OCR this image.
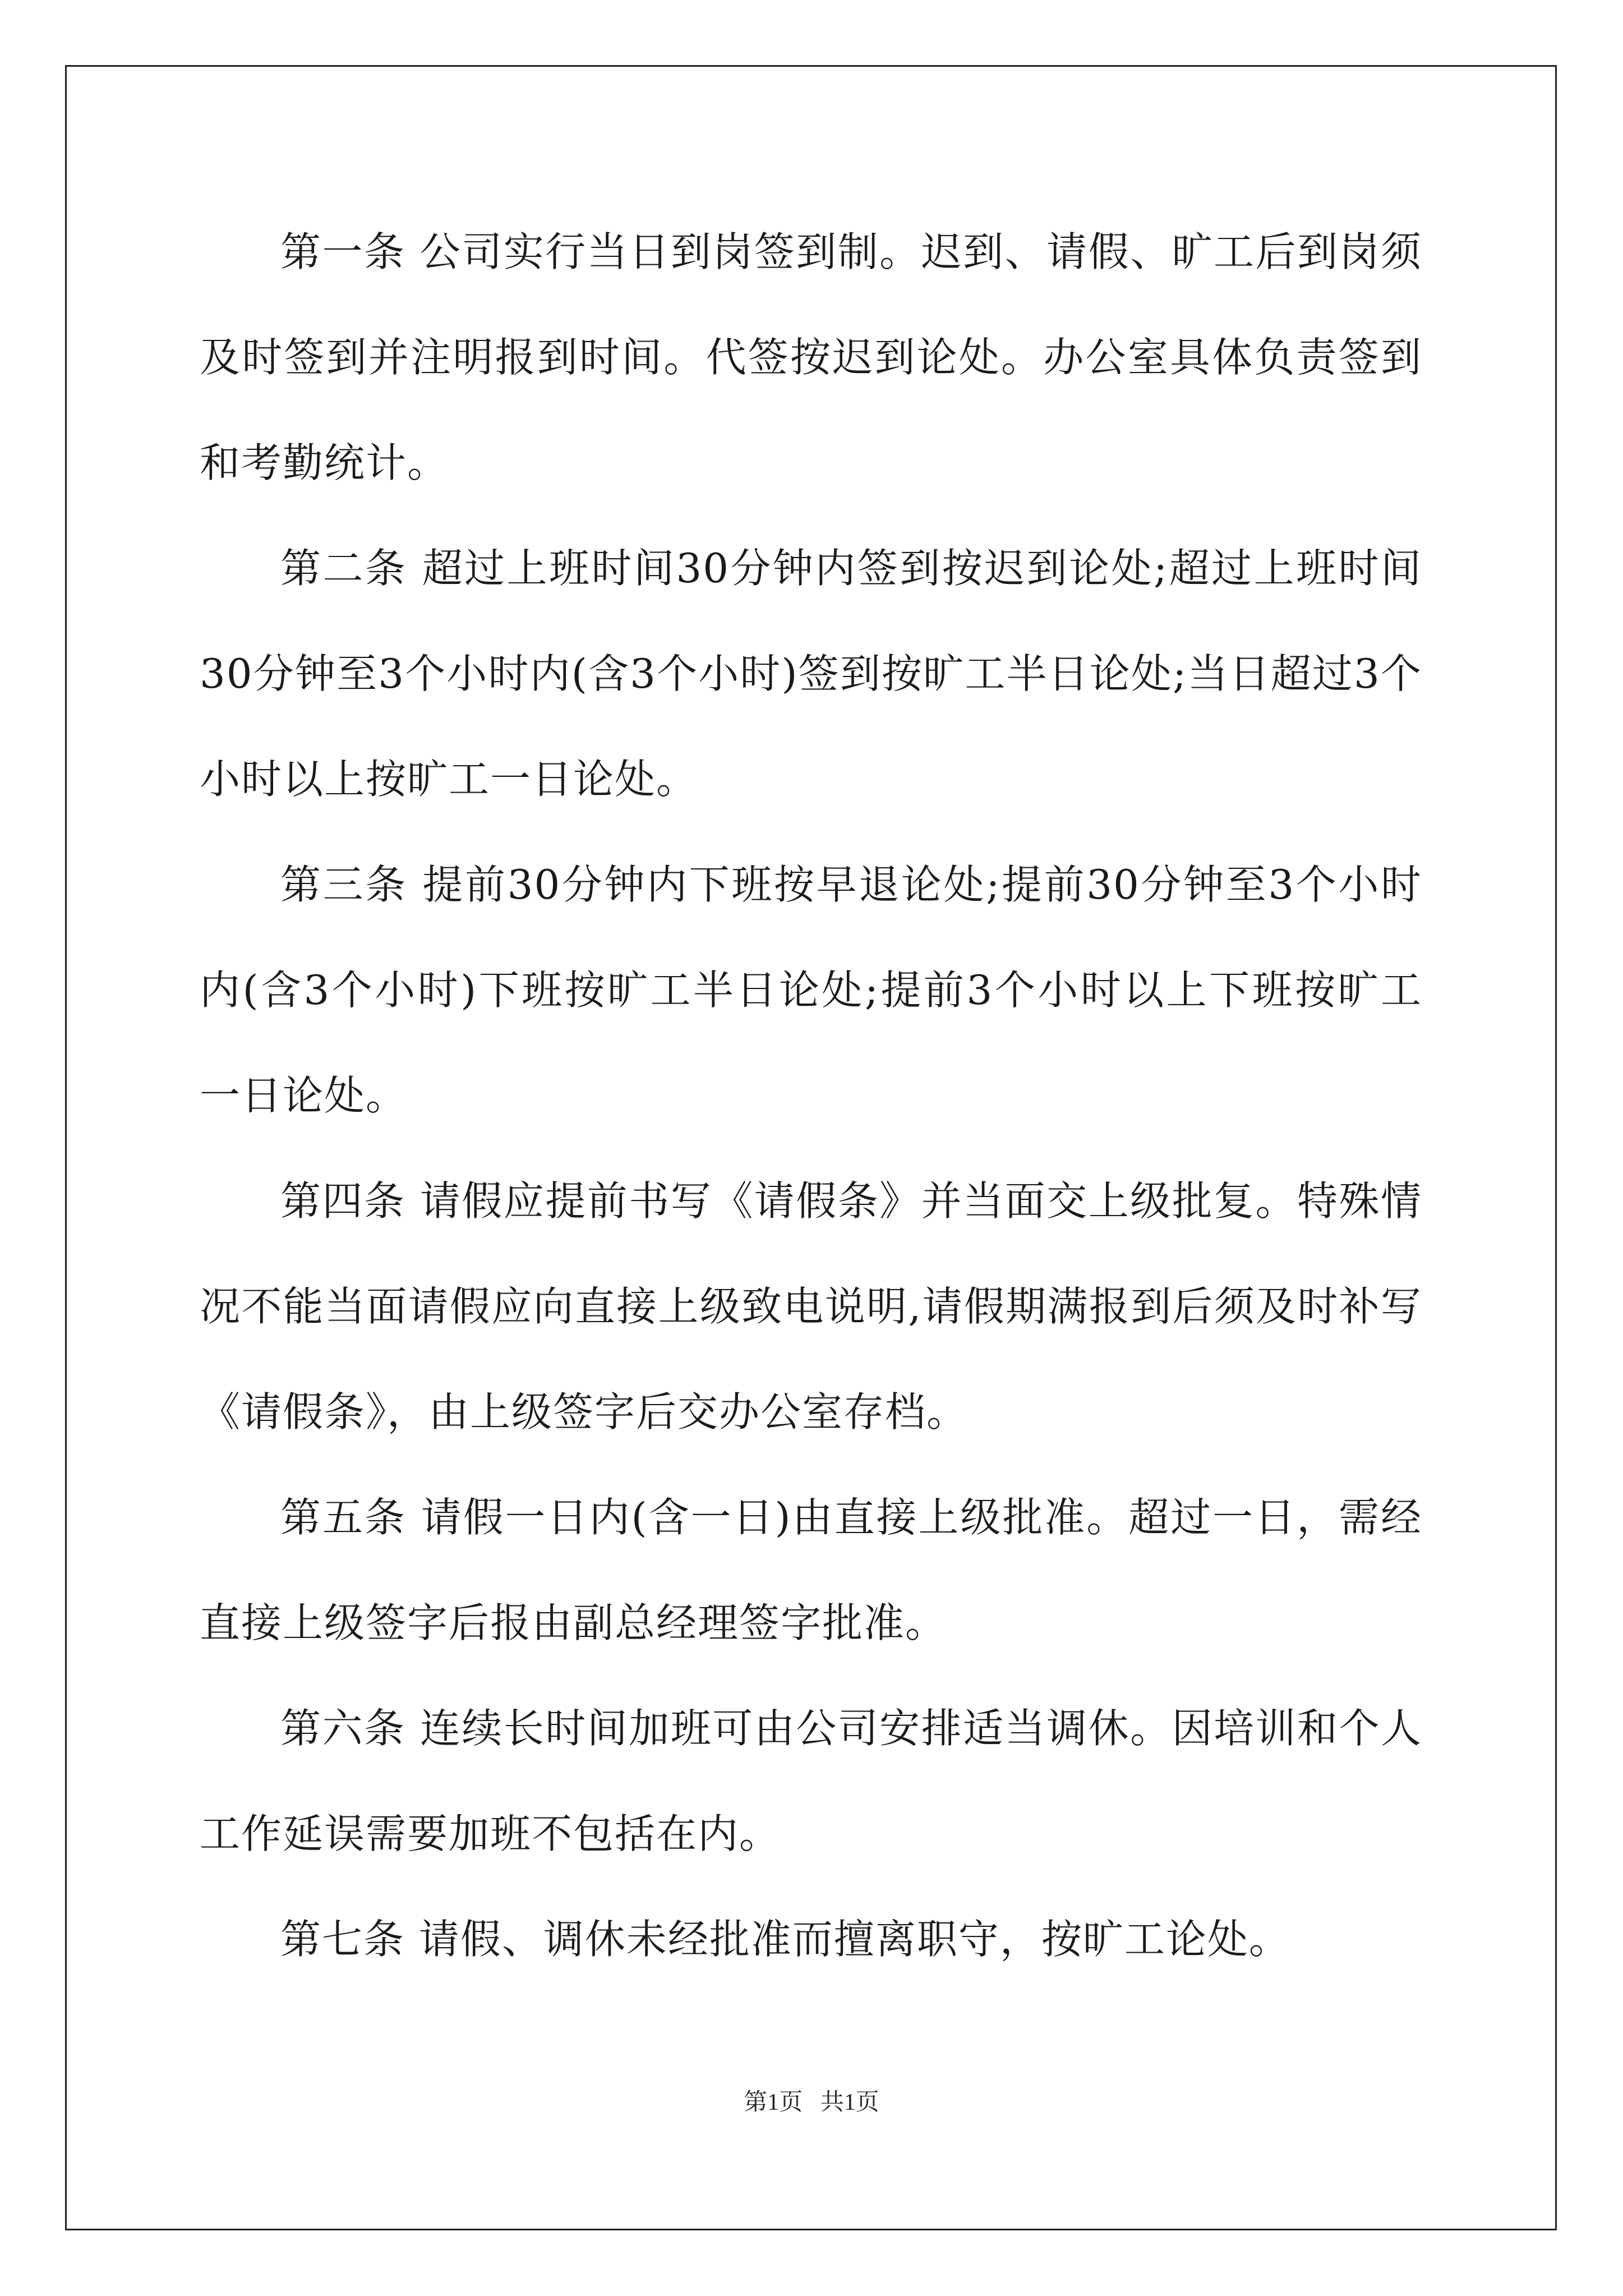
第一条 公司实行当日到岗签到制。迟到、请假、旷工后到岗须及时签到并注明报到时间。代签按迟到论处。办公室具体负责签到和考勤统计。

第二条 超过上班时间30分钟内签到按迟到论处;超过上班时间30分钟至3个小时内(含3个小时)签到按旷工半日论处;当日超过3个小时以上按旷工一日论处。

第三条 提前30分钟内下班按早退论处;提前30分钟至3个小时内(含3个小时)下班按旷工半日论处;提前3个小时以上下班按旷工一日论处。

第四条 请假应提前书写《请假条》并当面交上级批复。特殊情况不能当面请假应向直接上级致电说明,请假期满报到后须及时补写《请假条》，由上级签字后交办公室存档。

第五条 请假一日内(含一日)由直接上级批准。超过一日，需经直接上级签字后报由副总经理签字批准。

第六条 连续长时间加班可由公司安排适当调休。因培训和个人工作延误需要加班不包括在内。

第七条 请假、调休未经批准而擅离职守，按旷工论处。

第1页   共1页
